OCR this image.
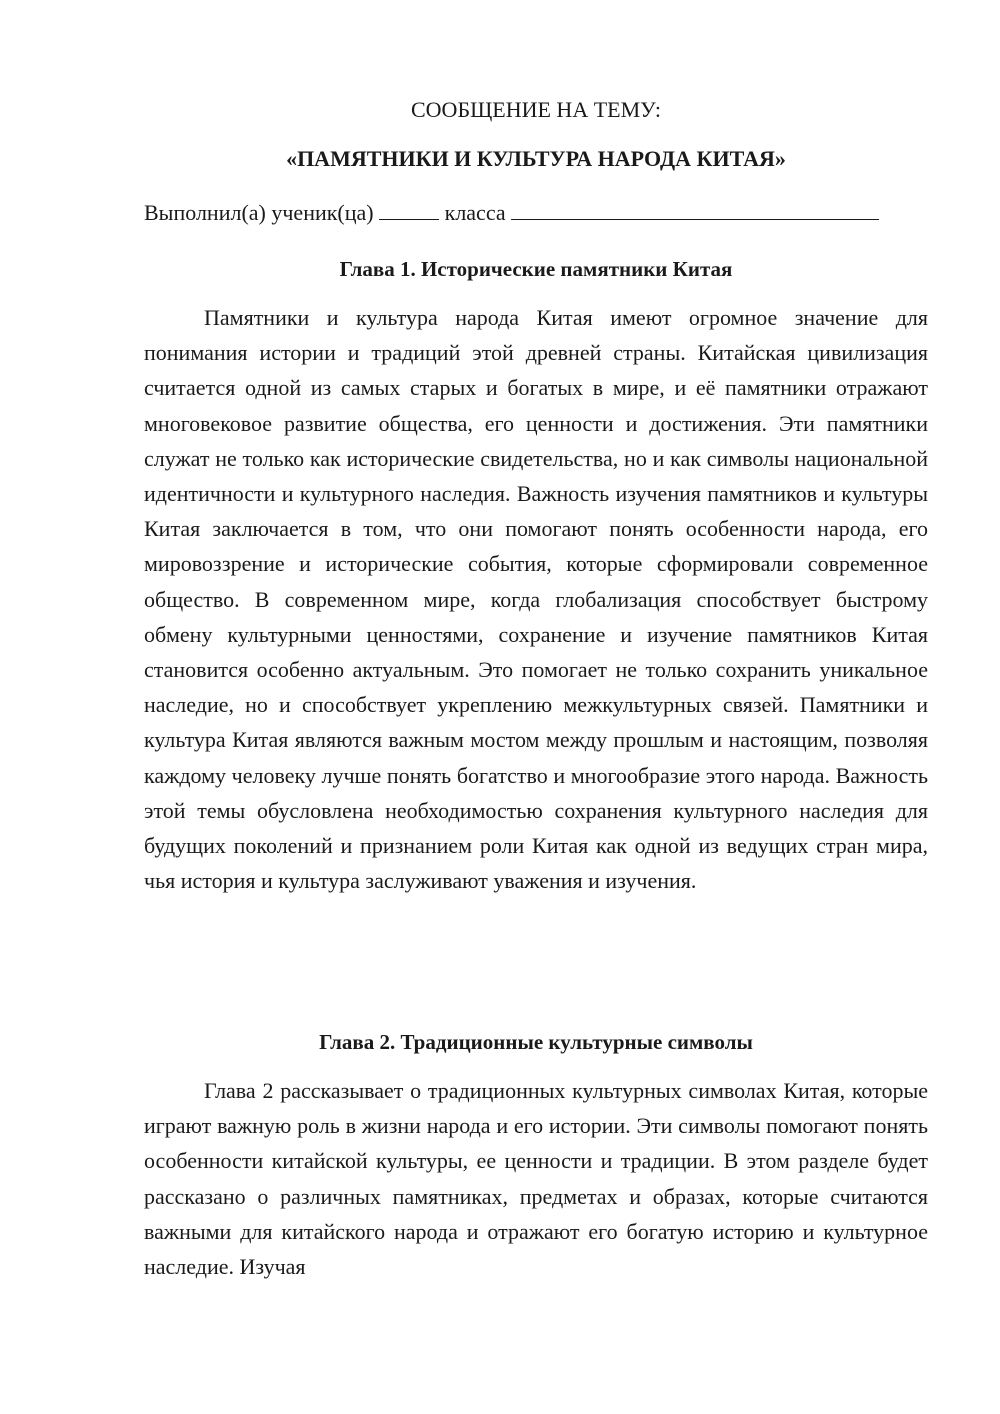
СООБЩЕНИЕ НА ТЕМУ:
«ПАМЯТНИКИ И КУЛЬТУРА НАРОДА КИТАЯ»
Выполнил(а) ученик(ца)	класса
Глава 1. Исторические памятники Китая
Памятники и культура народа Китая имеют огромное значение для понимания истории и традиций этой древней страны. Китайская цивилизация считается одной из самых старых и богатых в мире, и её памятники отражают многовековое развитие общества, его ценности и достижения. Эти памятники служат не только как исторические свидетельства, но и как символы национальной идентичности и культурного наследия. Важность изучения памятников и культуры Китая заключается в том, что они помогают понять особенности народа, его мировоззрение и исторические события, которые сформировали современное общество. В современном мире, когда глобализация способствует быстрому обмену культурными ценностями, сохранение и изучение памятников Китая становится особенно актуальным. Это помогает не только сохранить уникальное наследие, но и способствует укреплению межкультурных связей. Памятники и культура Китая являются важным мостом между прошлым и настоящим, позволяя каждому человеку лучше понять богатство и многообразие этого народа. Важность этой темы обусловлена необходимостью сохранения культурного наследия для будущих поколений и признанием роли Китая как одной из ведущих стран мира, чья история и культура заслуживают уважения и изучения.
Глава 2. Традиционные культурные символы
Глава 2 рассказывает о традиционных культурных символах Китая, которые играют важную роль в жизни народа и его истории. Эти символы помогают понять особенности китайской культуры, ее ценности и традиции. В этом разделе будет рассказано о различных памятниках, предметах и образах, которые считаются важными для китайского народа и отражают его богатую историю и культурное наследие. Изучая
